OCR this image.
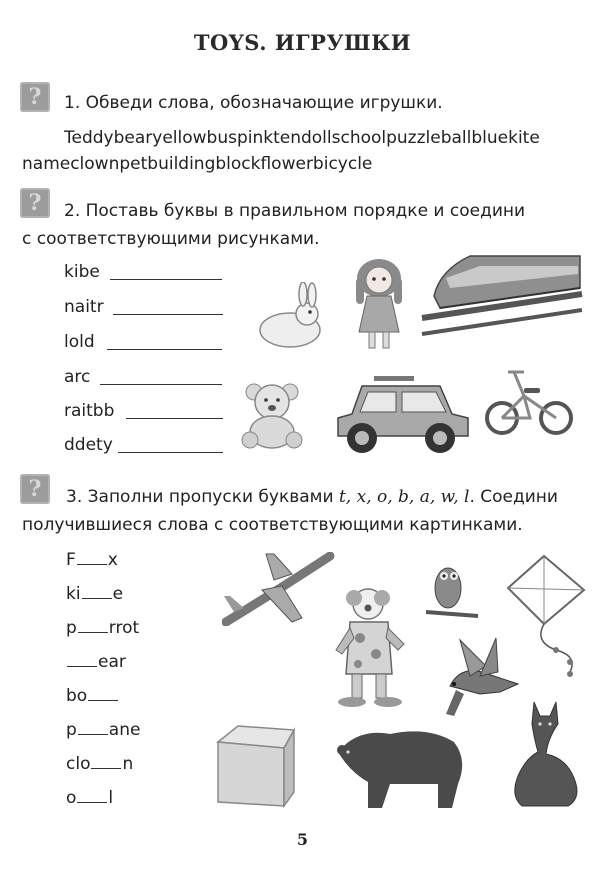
TOYS. ИГРУШКИ
? 1. Обведи слова, обозначающие игрушки.
Teddybearyellowbuspinktendollschoolpuzzleballbluekite
nameclownpetbuildingblockflowerbicycle
? 2. Поставь буквы в правильном порядке и соедини
с соответствующими рисунками.
kibe
naitr
lold
arc
raitbb
ddety
? 3. Заполни пропуски буквами t, x, o, b, a, w, l. Соедини
получившиеся слова с соответствующими картинками.
F x
ki e
p rrot
ear
bo
p ane
clo n
o l
5
